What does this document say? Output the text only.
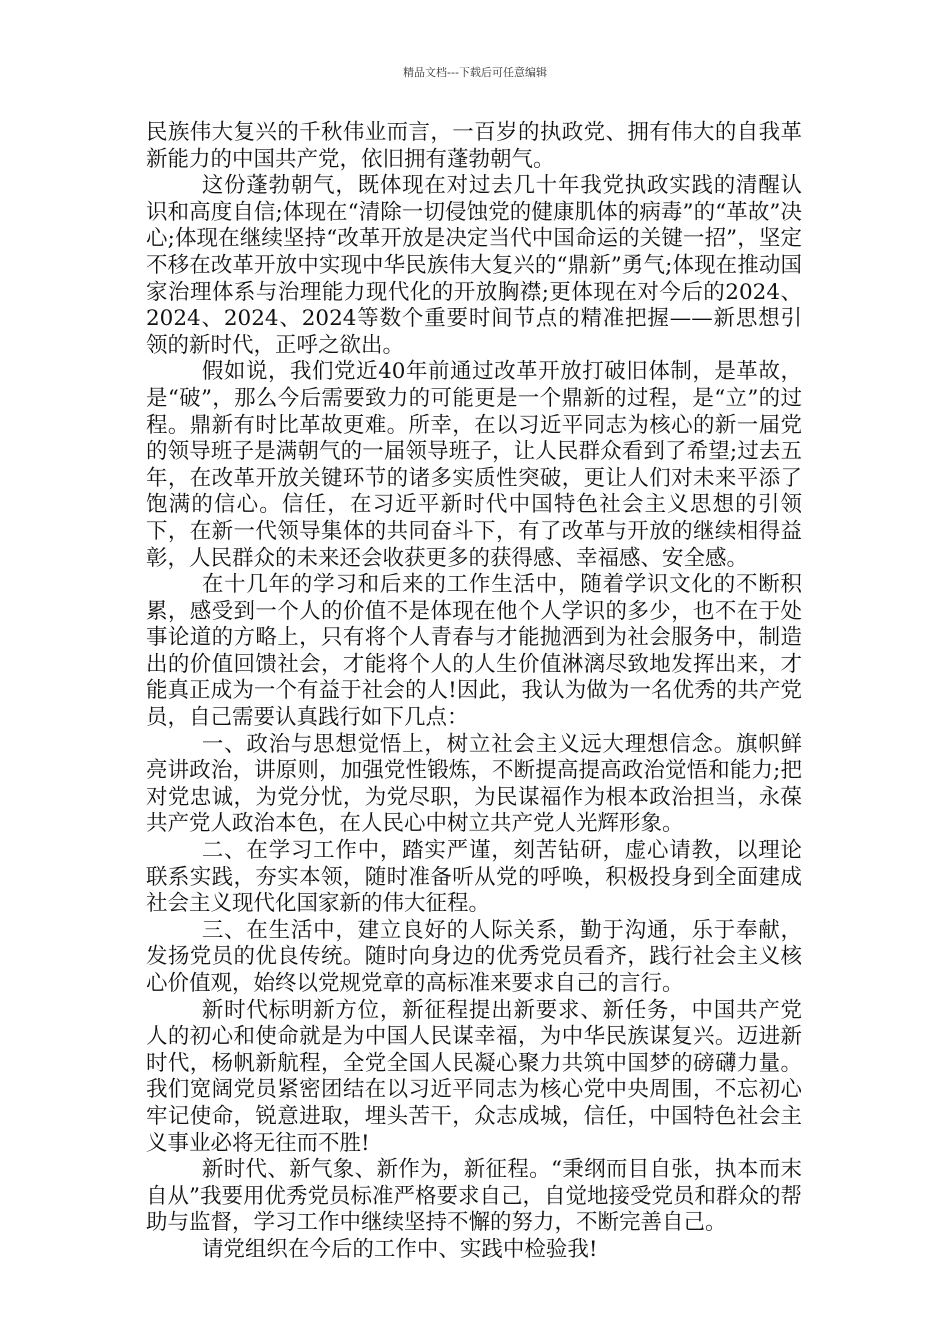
精品文档---下载后可任意编辑

民族伟大复兴的千秋伟业而言，一百岁的执政党、拥有伟大的自我革新能力的中国共产党，依旧拥有蓬勃朝气。

这份蓬勃朝气，既体现在对过去几十年我党执政实践的清醒认识和高度自信;体现在“清除一切侵蚀党的健康肌体的病毒”的“革故”决心;体现在继续坚持“改革开放是决定当代中国命运的关键一招”，坚定不移在改革开放中实现中华民族伟大复兴的“鼎新”勇气;体现在推动国家治理体系与治理能力现代化的开放胸襟;更体现在对今后的2024、2024、2024、2024等数个重要时间节点的精准把握——新思想引领的新时代，正呼之欲出。

假如说，我们党近40年前通过改革开放打破旧体制，是革故，是“破”，那么今后需要致力的可能更是一个鼎新的过程，是“立”的过程。鼎新有时比革故更难。所幸，在以习近平同志为核心的新一届党的领导班子是满朝气的一届领导班子，让人民群众看到了希望;过去五年，在改革开放关键环节的诸多实质性突破，更让人们对未来平添了饱满的信心。信任，在习近平新时代中国特色社会主义思想的引领下，在新一代领导集体的共同奋斗下，有了改革与开放的继续相得益彰，人民群众的未来还会收获更多的获得感、幸福感、安全感。

在十几年的学习和后来的工作生活中，随着学识文化的不断积累，感受到一个人的价值不是体现在他个人学识的多少，也不在于处事论道的方略上，只有将个人青春与才能抛洒到为社会服务中，制造出的价值回馈社会，才能将个人的人生价值淋漓尽致地发挥出来，才能真正成为一个有益于社会的人!因此，我认为做为一名优秀的共产党员，自己需要认真践行如下几点：

一、政治与思想觉悟上，树立社会主义远大理想信念。旗帜鲜亮讲政治，讲原则，加强党性锻炼，不断提高提高政治觉悟和能力;把对党忠诚，为党分忧，为党尽职，为民谋福作为根本政治担当，永葆共产党人政治本色，在人民心中树立共产党人光辉形象。

二、在学习工作中，踏实严谨，刻苦钻研，虚心请教，以理论联系实践，夯实本领，随时准备听从党的呼唤，积极投身到全面建成社会主义现代化国家新的伟大征程。

三、在生活中，建立良好的人际关系，勤于沟通，乐于奉献，发扬党员的优良传统。随时向身边的优秀党员看齐，践行社会主义核心价值观，始终以党规党章的高标准来要求自己的言行。

新时代标明新方位，新征程提出新要求、新任务，中国共产党人的初心和使命就是为中国人民谋幸福，为中华民族谋复兴。迈进新时代，杨帆新航程，全党全国人民凝心聚力共筑中国梦的磅礴力量。我们宽阔党员紧密团结在以习近平同志为核心党中央周围，不忘初心牢记使命，锐意进取，埋头苦干，众志成城，信任，中国特色社会主义事业必将无往而不胜!

新时代、新气象、新作为，新征程。“秉纲而目自张，执本而末自从”我要用优秀党员标准严格要求自己，自觉地接受党员和群众的帮助与监督，学习工作中继续坚持不懈的努力，不断完善自己。

请党组织在今后的工作中、实践中检验我!
